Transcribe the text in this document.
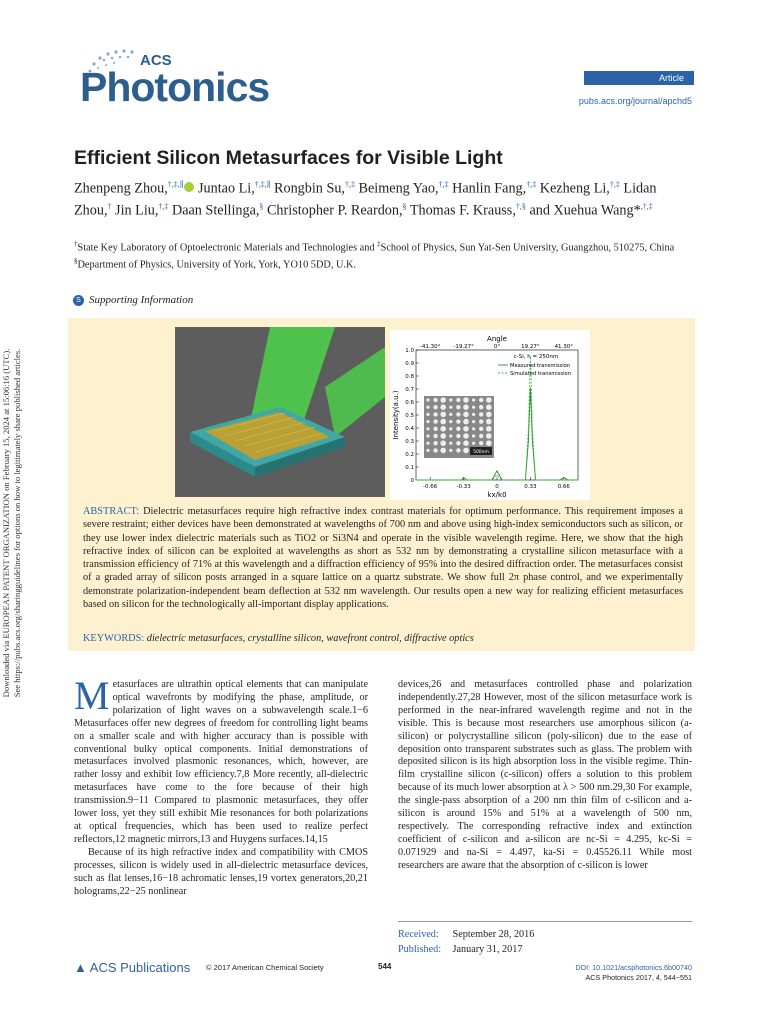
Downloaded via EUROPEAN PATENT ORGANIZATION on February 15, 2024 at 15:06:16 (UTC). See https://pubs.acs.org/sharingguidelines for options on how to legitimately share published articles.
ACS
Photonics	Article
pubs.acs.org/journal/apchd5
Efficient Silicon Metasurfaces for Visible Light
Zhenpeng Zhou,†,‡,∥ Juntao Li,†,‡,∥ Rongbin Su,†,‡ Beimeng Yao,†,‡ Hanlin Fang,†,‡ Kezheng Li,†,‡ Lidan Zhou,† Jin Liu,†,‡ Daan Stellinga,§ Christopher P. Reardon,§ Thomas F. Krauss,†,§ and Xuehua Wang*,†,‡
†State Key Laboratory of Optoelectronic Materials and Technologies and ‡School of Physics, Sun Yat-Sen University, Guangzhou, 510275, China
§Department of Physics, University of York, York, YO10 5DD, U.K.
S Supporting Information
500nm
0
0.1
0.2
0.3
0.4
0.5
0.6
0.7
0.8
0.9
1.0
-0.66	-0.33	0	0.33	0.66
-41.30° -19.27°	0°	19.27°	41.30°
Angle
kx/k0
Intensity(a.u.)
c-Si, h = 250nm
Measured transmission
Simulated transmission
ABSTRACT: Dielectric metasurfaces require high refractive index contrast materials for optimum performance. This requirement imposes a severe restraint; either devices have been demonstrated at wavelengths of 700 nm and above using high-index semiconductors such as silicon, or they use lower index dielectric materials such as TiO2 or Si3N4 and operate in the visible wavelength regime. Here, we show that the high refractive index of silicon can be exploited at wavelengths as short as 532 nm by demonstrating a crystalline silicon metasurface with a transmission efficiency of 71% at this wavelength and a diffraction efficiency of 95% into the desired diffraction order. The metasurfaces consist of a graded array of silicon posts arranged in a square lattice on a quartz substrate. We show full 2π phase control, and we experimentally demonstrate polarization-independent beam deflection at 532 nm wavelength. Our results open a new way for realizing efficient metasurfaces based on silicon for the technologically all-important display applications.
KEYWORDS: dielectric metasurfaces, crystalline silicon, wavefront control, diffractive optics

Metasurfaces are ultrathin optical elements that can manipulate optical wavefronts by modifying the phase, amplitude, or polarization of light waves on a subwavelength scale.1−6 Metasurfaces offer new degrees of freedom for controlling light beams on a smaller scale and with higher accuracy than is possible with conventional bulky optical components. Initial demonstrations of metasurfaces involved plasmonic resonances, which, however, are rather lossy and exhibit low efficiency.7,8 More recently, all-dielectric metasurfaces have come to the fore because of their high transmission.9−11 Compared to plasmonic metasurfaces, they offer lower loss, yet they still exhibit Mie resonances for both polarizations at optical frequencies, which has been used to realize perfect reflectors,12 magnetic mirrors,13 and Huygens surfaces.14,15

Because of its high refractive index and compatibility with CMOS processes, silicon is widely used in all-dielectric metasurface devices, such as flat lenses,16−18 achromatic lenses,19 vortex generators,20,21 holograms,22−25 nonlinear

devices,26 and metasurfaces controlled phase and polarization independently.27,28 However, most of the silicon metasurface work is performed in the near-infrared wavelength regime and not in the visible. This is because most researchers use amorphous silicon (a-silicon) or polycrystalline silicon (poly-silicon) due to the ease of deposition onto transparent substrates such as glass. The problem with deposited silicon is its high absorption loss in the visible regime. Thin-film crystalline silicon (c-silicon) offers a solution to this problem because of its much lower absorption at λ > 500 nm.29,30 For example, the single-pass absorption of a 200 nm thin film of c-silicon and a-silicon is around 15% and 51% at a wavelength of 500 nm, respectively. The corresponding refractive index and extinction coefficient of c-silicon and a-silicon are nc-Si = 4.295, kc-Si = 0.071929 and na-Si = 4.497, ka-Si = 0.45526.11 While most researchers are aware that the absorption of c-silicon is lower

Received: September 28, 2016
Published: January 31, 2017
▲ ACS Publications © 2017 American Chemical Society	544	DOI: 10.1021/acsphotonics.6b00740
ACS Photonics 2017, 4, 544−551
